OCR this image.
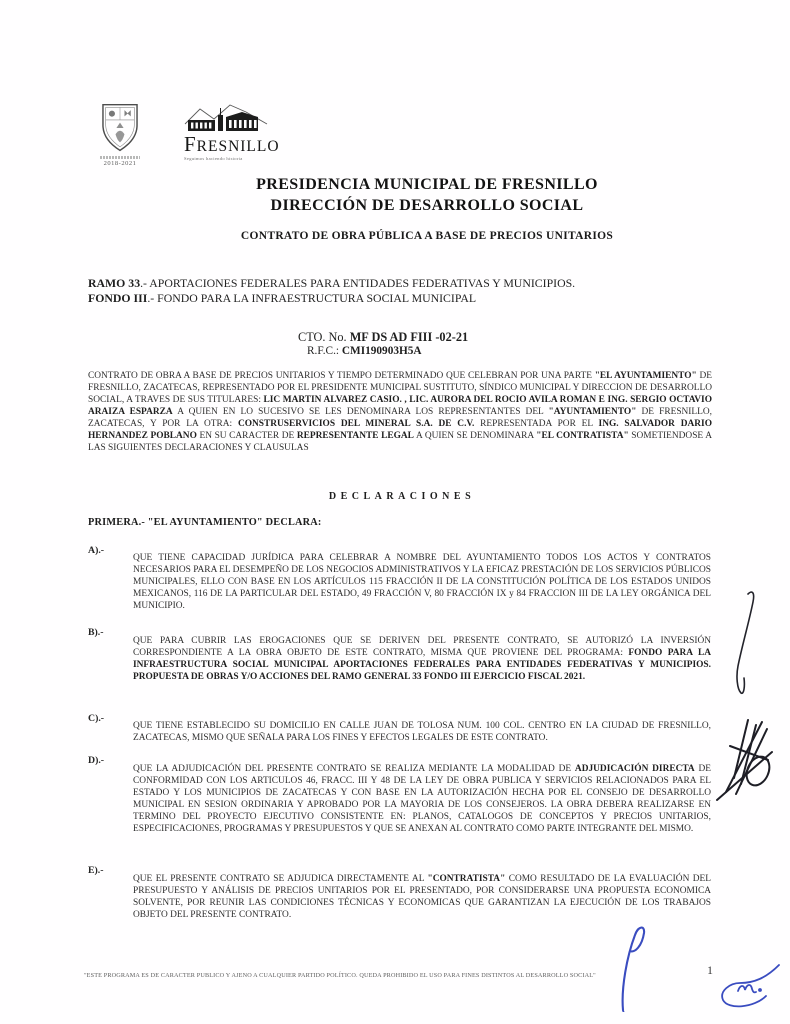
2018-2021
FRESNILLO
Seguimos haciendo historia
PRESIDENCIA MUNICIPAL DE FRESNILLO
DIRECCIÓN DE DESARROLLO SOCIAL
CONTRATO DE OBRA PÚBLICA A BASE DE PRECIOS UNITARIOS
RAMO 33.- APORTACIONES FEDERALES PARA ENTIDADES FEDERATIVAS Y MUNICIPIOS.
FONDO III.- FONDO PARA LA INFRAESTRUCTURA SOCIAL MUNICIPAL
CTO. No. MF DS AD FIII -02-21
R.F.C.: CMI190903H5A
CONTRATO DE OBRA A BASE DE PRECIOS UNITARIOS Y TIEMPO DETERMINADO QUE CELEBRAN POR UNA PARTE "EL AYUNTAMIENTO" DE FRESNILLO, ZACATECAS, REPRESENTADO POR EL PRESIDENTE MUNICIPAL SUSTITUTO, SÍNDICO MUNICIPAL Y DIRECCION DE DESARROLLO SOCIAL, A TRAVES DE SUS TITULARES: LIC MARTIN ALVAREZ CASIO. , LIC. AURORA DEL ROCIO AVILA ROMAN E ING. SERGIO OCTAVIO ARAIZA ESPARZA A QUIEN EN LO SUCESIVO SE LES DENOMINARA LOS REPRESENTANTES DEL "AYUNTAMIENTO" DE FRESNILLO, ZACATECAS, Y POR LA OTRA: CONSTRUSERVICIOS DEL MINERAL S.A. DE C.V. REPRESENTADA POR EL ING. SALVADOR DARIO HERNANDEZ POBLANO EN SU CARACTER DE REPRESENTANTE LEGAL A QUIEN SE DENOMINARA "EL CONTRATISTA" SOMETIENDOSE A LAS SIGUIENTES DECLARACIONES Y CLAUSULAS
DECLARACIONES
PRIMERA.- "EL AYUNTAMIENTO" DECLARA:
A).-
QUE TIENE CAPACIDAD JURÍDICA PARA CELEBRAR A NOMBRE DEL AYUNTAMIENTO TODOS LOS ACTOS Y CONTRATOS NECESARIOS PARA EL DESEMPEÑO DE LOS NEGOCIOS ADMINISTRATIVOS Y LA EFICAZ PRESTACIÓN DE LOS SERVICIOS PÚBLICOS MUNICIPALES, ELLO CON BASE EN LOS ARTÍCULOS 115 FRACCIÓN II DE LA CONSTITUCIÓN POLÍTICA DE LOS ESTADOS UNIDOS MEXICANOS, 116 DE LA PARTICULAR DEL ESTADO, 49 FRACCIÓN V, 80 FRACCIÓN IX y 84 FRACCION III DE LA LEY ORGÁNICA DEL MUNICIPIO.
B).-
QUE PARA CUBRIR LAS EROGACIONES QUE SE DERIVEN DEL PRESENTE CONTRATO, SE AUTORIZÓ LA INVERSIÓN CORRESPONDIENTE A LA OBRA OBJETO DE ESTE CONTRATO, MISMA QUE PROVIENE DEL PROGRAMA: FONDO PARA LA INFRAESTRUCTURA SOCIAL MUNICIPAL APORTACIONES FEDERALES PARA ENTIDADES FEDERATIVAS Y MUNICIPIOS. PROPUESTA DE OBRAS Y/O ACCIONES DEL RAMO GENERAL 33 FONDO III EJERCICIO FISCAL 2021.
C).-
QUE TIENE ESTABLECIDO SU DOMICILIO EN CALLE JUAN DE TOLOSA NUM. 100 COL. CENTRO EN LA CIUDAD DE FRESNILLO, ZACATECAS, MISMO QUE SEÑALA PARA LOS FINES Y EFECTOS LEGALES DE ESTE CONTRATO.
D).-
QUE LA ADJUDICACIÓN DEL PRESENTE CONTRATO SE REALIZA MEDIANTE LA MODALIDAD DE ADJUDICACIÓN DIRECTA DE CONFORMIDAD CON LOS ARTICULOS 46, FRACC. III Y 48 DE LA LEY DE OBRA PUBLICA Y SERVICIOS RELACIONADOS PARA EL ESTADO Y LOS MUNICIPIOS DE ZACATECAS Y CON BASE EN LA AUTORIZACIÓN HECHA POR EL CONSEJO DE DESARROLLO MUNICIPAL EN SESION ORDINARIA Y APROBADO POR LA MAYORIA DE LOS CONSEJEROS. LA OBRA DEBERA REALIZARSE EN TERMINO DEL PROYECTO EJECUTIVO CONSISTENTE EN: PLANOS, CATALOGOS DE CONCEPTOS Y PRECIOS UNITARIOS, ESPECIFICACIONES, PROGRAMAS Y PRESUPUESTOS Y QUE SE ANEXAN AL CONTRATO COMO PARTE INTEGRANTE DEL MISMO.
E).-
QUE EL PRESENTE CONTRATO SE ADJUDICA DIRECTAMENTE AL "CONTRATISTA" COMO RESULTADO DE LA EVALUACIÓN DEL PRESUPUESTO Y ANÁLISIS DE PRECIOS UNITARIOS POR EL PRESENTADO, POR CONSIDERARSE UNA PROPUESTA ECONOMICA SOLVENTE, POR REUNIR LAS CONDICIONES TÉCNICAS Y ECONOMICAS QUE GARANTIZAN LA EJECUCIÓN DE LOS TRABAJOS OBJETO DEL PRESENTE CONTRATO.
"ESTE PROGRAMA ES DE CARACTER PUBLICO Y AJENO A CUALQUIER PARTIDO POLÍTICO. QUEDA PROHIBIDO EL USO PARA FINES DISTINTOS AL DESARROLLO SOCIAL"	1
